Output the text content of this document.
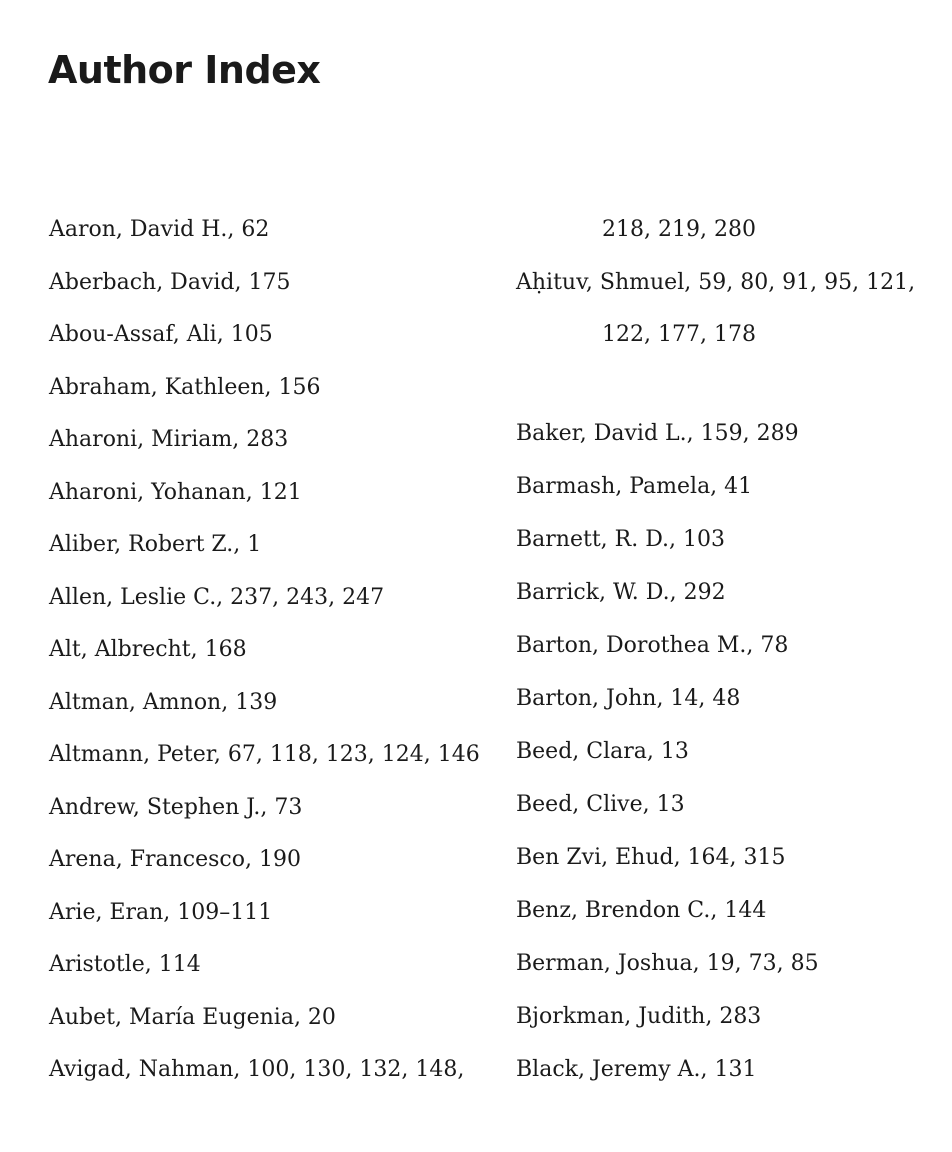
Author Index
Aaron, David H., 62
Aberbach, David, 175
Abou-Assaf, Ali, 105
Abraham, Kathleen, 156
Aharoni, Miriam, 283
Aharoni, Yohanan, 121
Aliber, Robert Z., 1
Allen, Leslie C., 237, 243, 247
Alt, Albrecht, 168
Altman, Amnon, 139
Altmann, Peter, 67, 118, 123, 124, 146
Andrew, Stephen J., 73
Arena, Francesco, 190
Arie, Eran, 109–111
Aristotle, 114
Aubet, María Eugenia, 20
Avigad, Nahman, 100, 130, 132, 148,
218, 219, 280
Aḥituv, Shmuel, 59, 80, 91, 95, 121,
122, 177, 178
Baker, David L., 159, 289
Barmash, Pamela, 41
Barnett, R. D., 103
Barrick, W. D., 292
Barton, Dorothea M., 78
Barton, John, 14, 48
Beed, Clara, 13
Beed, Clive, 13
Ben Zvi, Ehud, 164, 315
Benz, Brendon C., 144
Berman, Joshua, 19, 73, 85
Bjorkman, Judith, 283
Black, Jeremy A., 131
